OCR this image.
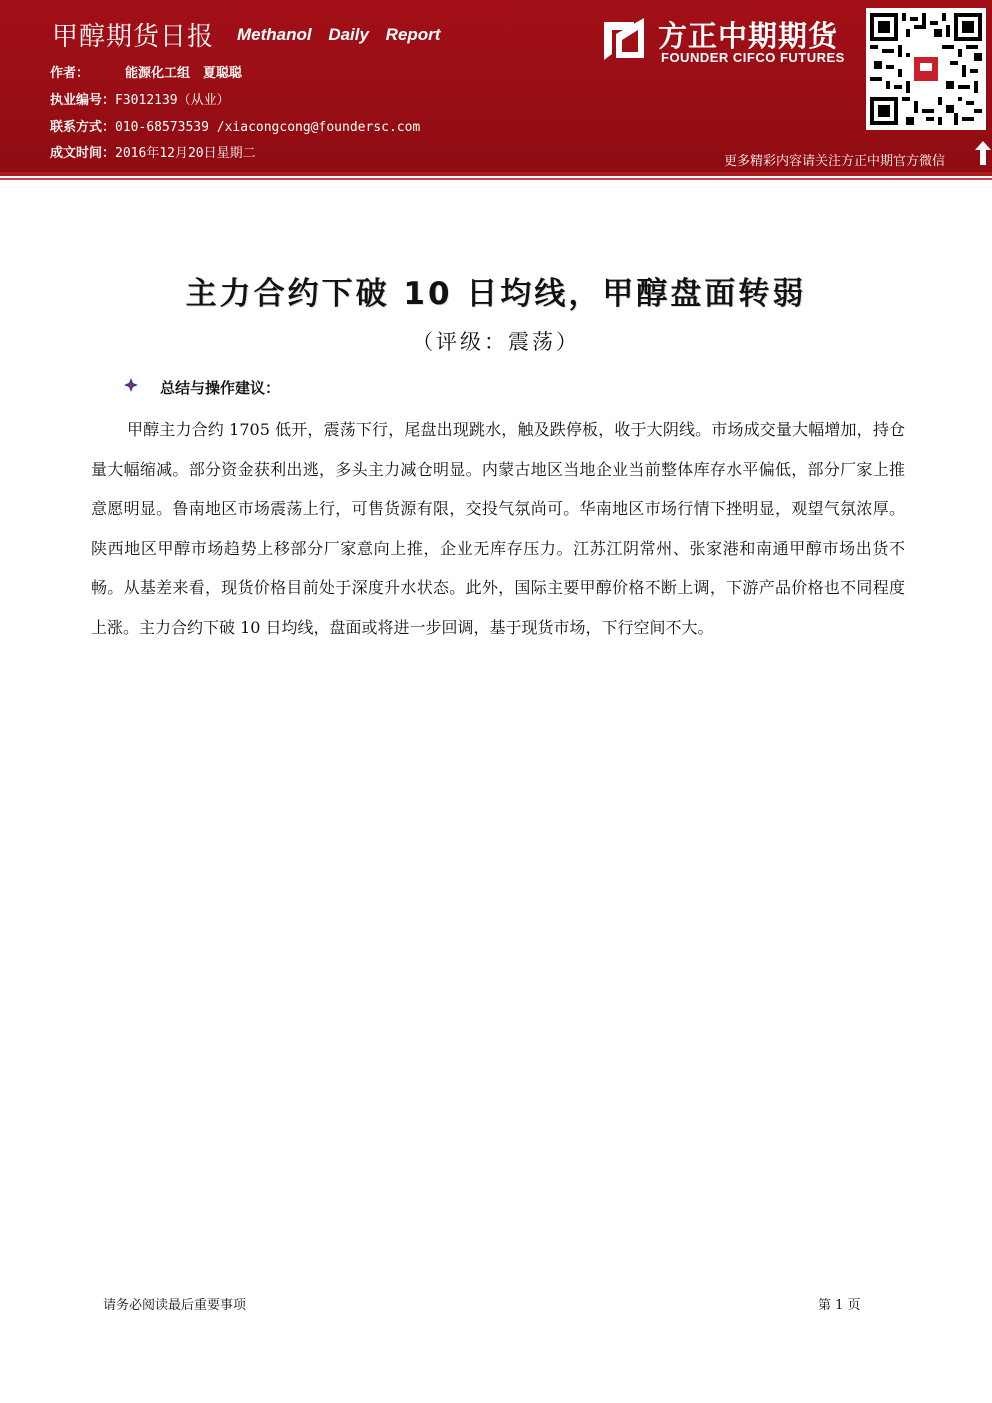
甲醇期货日报 Methanol Daily Report
作者：	能源化工组　夏聪聪
执业编号：F3012139（从业）
联系方式：010-68573539 /xiacongcong@foundersc.com
成文时间：2016年12月20日星期二
方正中期期货
FOUNDER CIFCO FUTURES
更多精彩内容请关注方正中期官方微信
主力合约下破 10 日均线，甲醇盘面转弱
（评级：震荡）
总结与操作建议：
甲醇主力合约 1705 低开，震荡下行，尾盘出现跳水，触及跌停板，收于大阴线。市场成交量大幅增加，持仓量大幅缩减。部分资金获利出逃，多头主力减仓明显。内蒙古地区当地企业当前整体库存水平偏低，部分厂家上推意愿明显。鲁南地区市场震荡上行，可售货源有限，交投气氛尚可。华南地区市场行情下挫明显，观望气氛浓厚。陕西地区甲醇市场趋势上移部分厂家意向上推，企业无库存压力。江苏江阴常州、张家港和南通甲醇市场出货不畅。从基差来看，现货价格目前处于深度升水状态。此外，国际主要甲醇价格不断上调，下游产品价格也不同程度上涨。主力合约下破 10 日均线，盘面或将进一步回调，基于现货市场，下行空间不大。
请务必阅读最后重要事项	第 1 页
